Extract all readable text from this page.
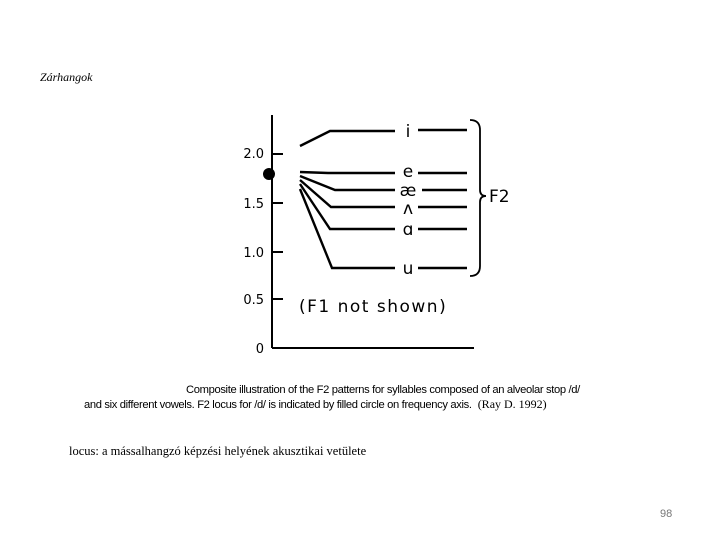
Zárhangok
2.0
1.5
1.0
0.5
0
i
e
æ
ʌ
ɑ
u
F2
(F1 not shown)
Composite illustration of the F2 patterns for syllables composed of an alveolar stop /d/
and six different vowels. F2 locus for /d/ is indicated by filled circle on frequency axis. (Ray D. 1992)
locus: a mássalhangzó képzési helyének akusztikai vetülete
98
